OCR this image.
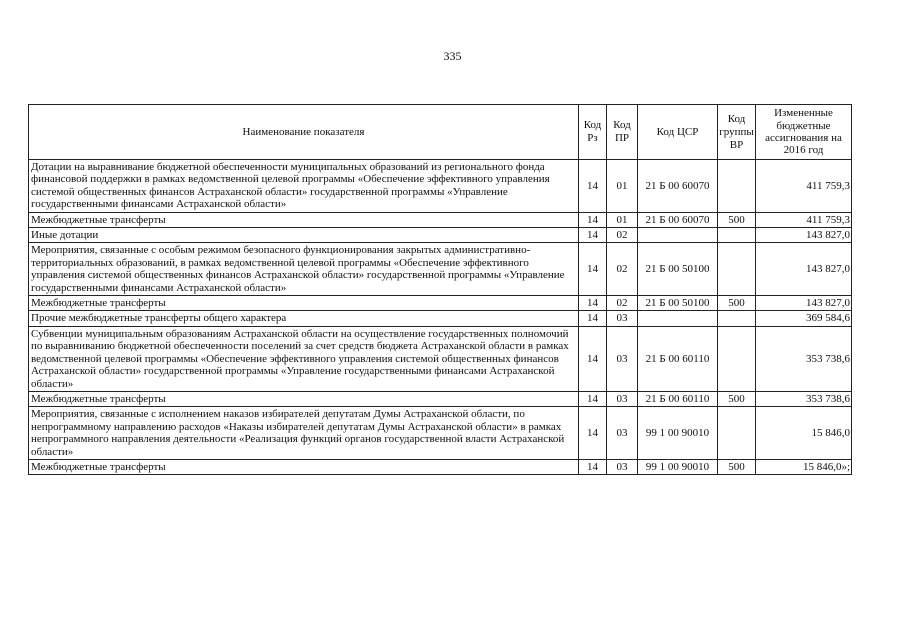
335
Наименование показателя	Код Рз	Код ПР	Код ЦСР	Код группы ВР	Измененные бюджетные ассигнования на 2016 год
Дотации на выравнивание бюджетной обеспеченности муниципальных образований из регионального фонда финансовой поддержки в рамках ведомственной целевой программы «Обеспечение эффективного управления системой общественных финансов Астраханской области» государственной программы «Управление государственными финансами Астраханской области»	14	01	21 Б 00 60070		411 759,3
Межбюджетные трансферты	14	01	21 Б 00 60070	500	411 759,3
Иные дотации	14	02			143 827,0
Мероприятия, связанные с особым режимом безопасного функционирования закрытых административно-территориальных образований, в рамках ведомственной целевой программы «Обеспечение эффективного управления системой общественных финансов Астраханской области» государственной программы «Управление государственными финансами Астраханской области»	14	02	21 Б 00 50100		143 827,0
Межбюджетные трансферты	14	02	21 Б 00 50100	500	143 827,0
Прочие межбюджетные трансферты общего характера	14	03			369 584,6
Субвенции муниципальным образованиям Астраханской области на осуществление государственных полномочий по выравниванию бюджетной обеспеченности поселений за счет средств бюджета Астраханской области в рамках ведомственной целевой программы «Обеспечение эффективного управления системой общественных финансов Астраханской области» государственной программы «Управление государственными финансами Астраханской области»	14	03	21 Б 00 60110		353 738,6
Межбюджетные трансферты	14	03	21 Б 00 60110	500	353 738,6
Мероприятия, связанные с исполнением наказов избирателей депутатам Думы Астраханской области, по непрограммному направлению расходов «Наказы избирателей депутатам Думы Астраханской области» в рамках непрограммного направления деятельности «Реализация функций органов государственной власти Астраханской области»	14	03	99 1 00 90010		15 846,0
Межбюджетные трансферты	14	03	99 1 00 90010	500	15 846,0»;
